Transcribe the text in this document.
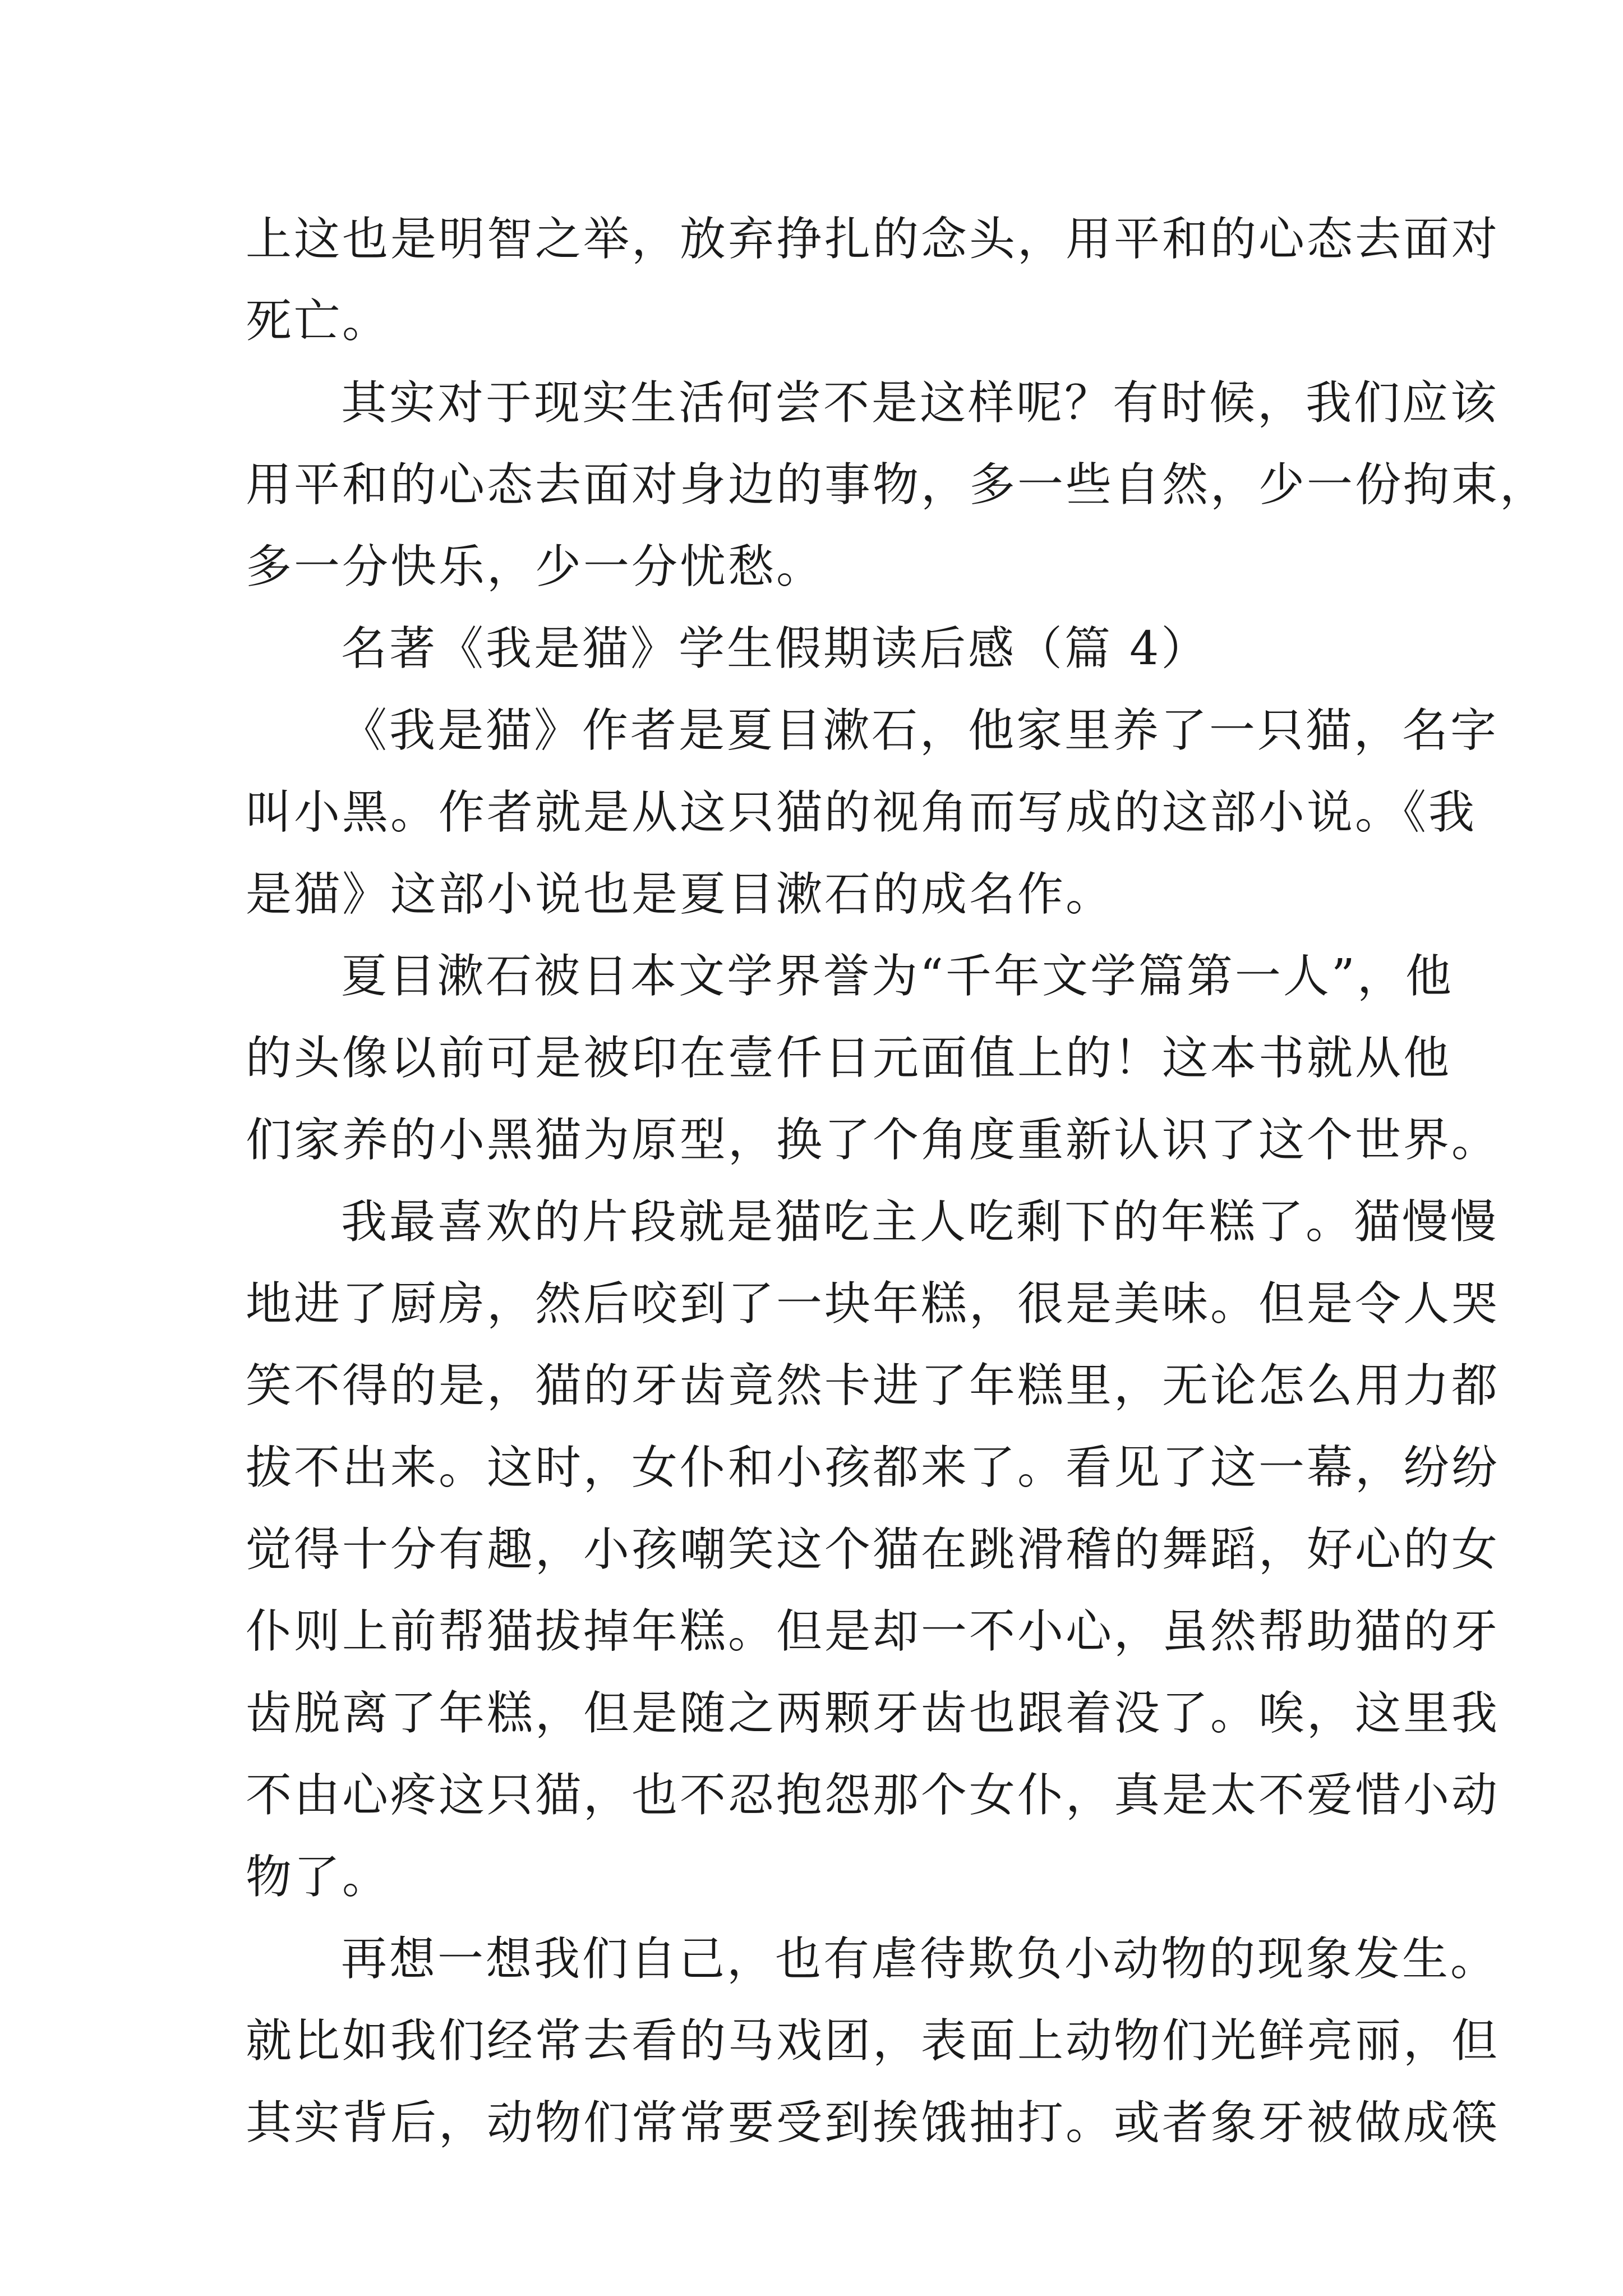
上这也是明智之举，放弃挣扎的念头，用平和的心态去面对
死亡。
其实对于现实生活何尝不是这样呢？有时候，我们应该
用平和的心态去面对身边的事物，多一些自然，少一份拘束，
多一分快乐，少一分忧愁。
名著《我是猫》学生假期读后感（篇 4）
《我是猫》作者是夏目漱石，他家里养了一只猫，名字
叫小黑。作者就是从这只猫的视角而写成的这部小说。《我
是猫》这部小说也是夏目漱石的成名作。
夏目漱石被日本文学界誉为“千年文学篇第一人”，他
的头像以前可是被印在壹仟日元面值上的！这本书就从他
们家养的小黑猫为原型，换了个角度重新认识了这个世界。
我最喜欢的片段就是猫吃主人吃剩下的年糕了。猫慢慢
地进了厨房，然后咬到了一块年糕，很是美味。但是令人哭
笑不得的是，猫的牙齿竟然卡进了年糕里，无论怎么用力都
拔不出来。这时，女仆和小孩都来了。看见了这一幕，纷纷
觉得十分有趣，小孩嘲笑这个猫在跳滑稽的舞蹈，好心的女
仆则上前帮猫拔掉年糕。但是却一不小心，虽然帮助猫的牙
齿脱离了年糕，但是随之两颗牙齿也跟着没了。唉，这里我
不由心疼这只猫，也不忍抱怨那个女仆，真是太不爱惜小动
物了。
再想一想我们自己，也有虐待欺负小动物的现象发生。
就比如我们经常去看的马戏团，表面上动物们光鲜亮丽，但
其实背后，动物们常常要受到挨饿抽打。或者象牙被做成筷
